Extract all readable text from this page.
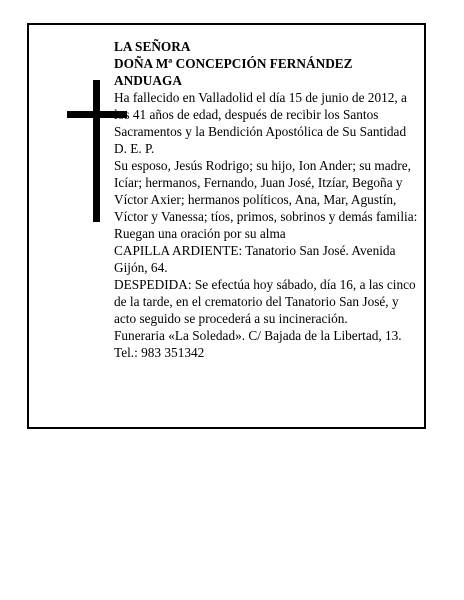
LA SEÑORA

DOÑA Mª CONCEPCIÓN FERNÁNDEZ ANDUAGA

Ha fallecido en Valladolid el día 15 de junio de 2012, a los 41 años de edad, después de recibir los Santos Sacramentos y la Bendición Apostólica de Su Santidad

D. E. P.

Su esposo, Jesús Rodrigo; su hijo, Ion Ander; su madre, Icíar; hermanos, Fernando, Juan José, Itzíar, Begoña y Víctor Axier; hermanos políticos, Ana, Mar, Agustín, Víctor y Vanessa; tíos, primos, sobrinos y demás familia:

Ruegan una oración por su alma

CAPILLA ARDIENTE: Tanatorio San José. Avenida Gijón, 64.

DESPEDIDA: Se efectúa hoy sábado, día 16, a las cinco de la tarde, en el crematorio del Tanatorio San José, y acto seguido se procederá a su incineración.

Funeraria «La Soledad». C/ Bajada de la Libertad, 13.

Tel.: 983 351342
